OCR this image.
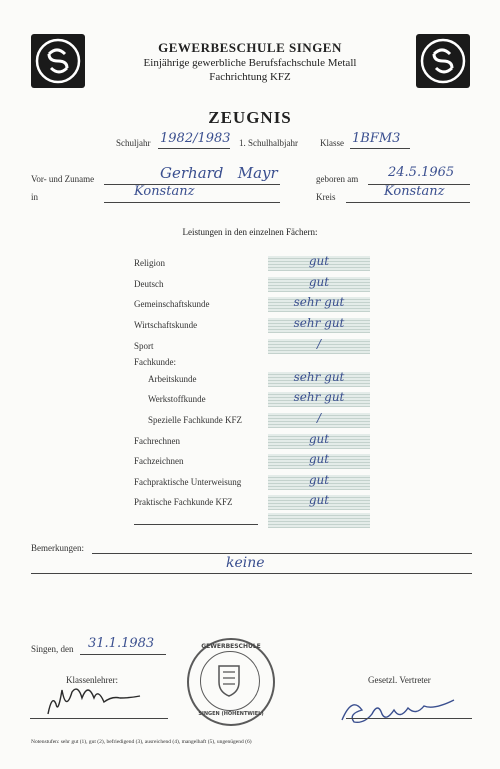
GEWERBESCHULE SINGEN
Einjährige gewerbliche Berufsfachschule Metall
Fachrichtung KFZ
ZEUGNIS
Schuljahr 1982/1983 1. Schulhalbjahr Klasse 1BFM3
Vor- und Zuname	Gerhard   Mayr	geboren am 24.5.1965
in	Konstanz	Kreis	Konstanz
Leistungen in den einzelnen Fächern:
Religion	gut
Deutsch	gut
Gemeinschaftskunde	sehr gut
Wirtschaftskunde	sehr gut
Sport	/
Fachkunde:
Arbeitskunde	sehr gut
Werkstoffkunde	sehr gut
Spezielle Fachkunde KFZ	/
Fachrechnen	gut
Fachzeichnen	gut
Fachpraktische Unterweisung	gut
Praktische Fachkunde KFZ	gut
Bemerkungen:
keine
Singen, den 31.1.1983	GEWERBESCHULE
SINGEN (HOHENTWIEL)
Klassenlehrer:	Gesetzl. Vertreter
Notenstufen: sehr gut (1), gut (2), befriedigend (3), ausreichend (4), mangelhaft (5), ungenügend (6)
